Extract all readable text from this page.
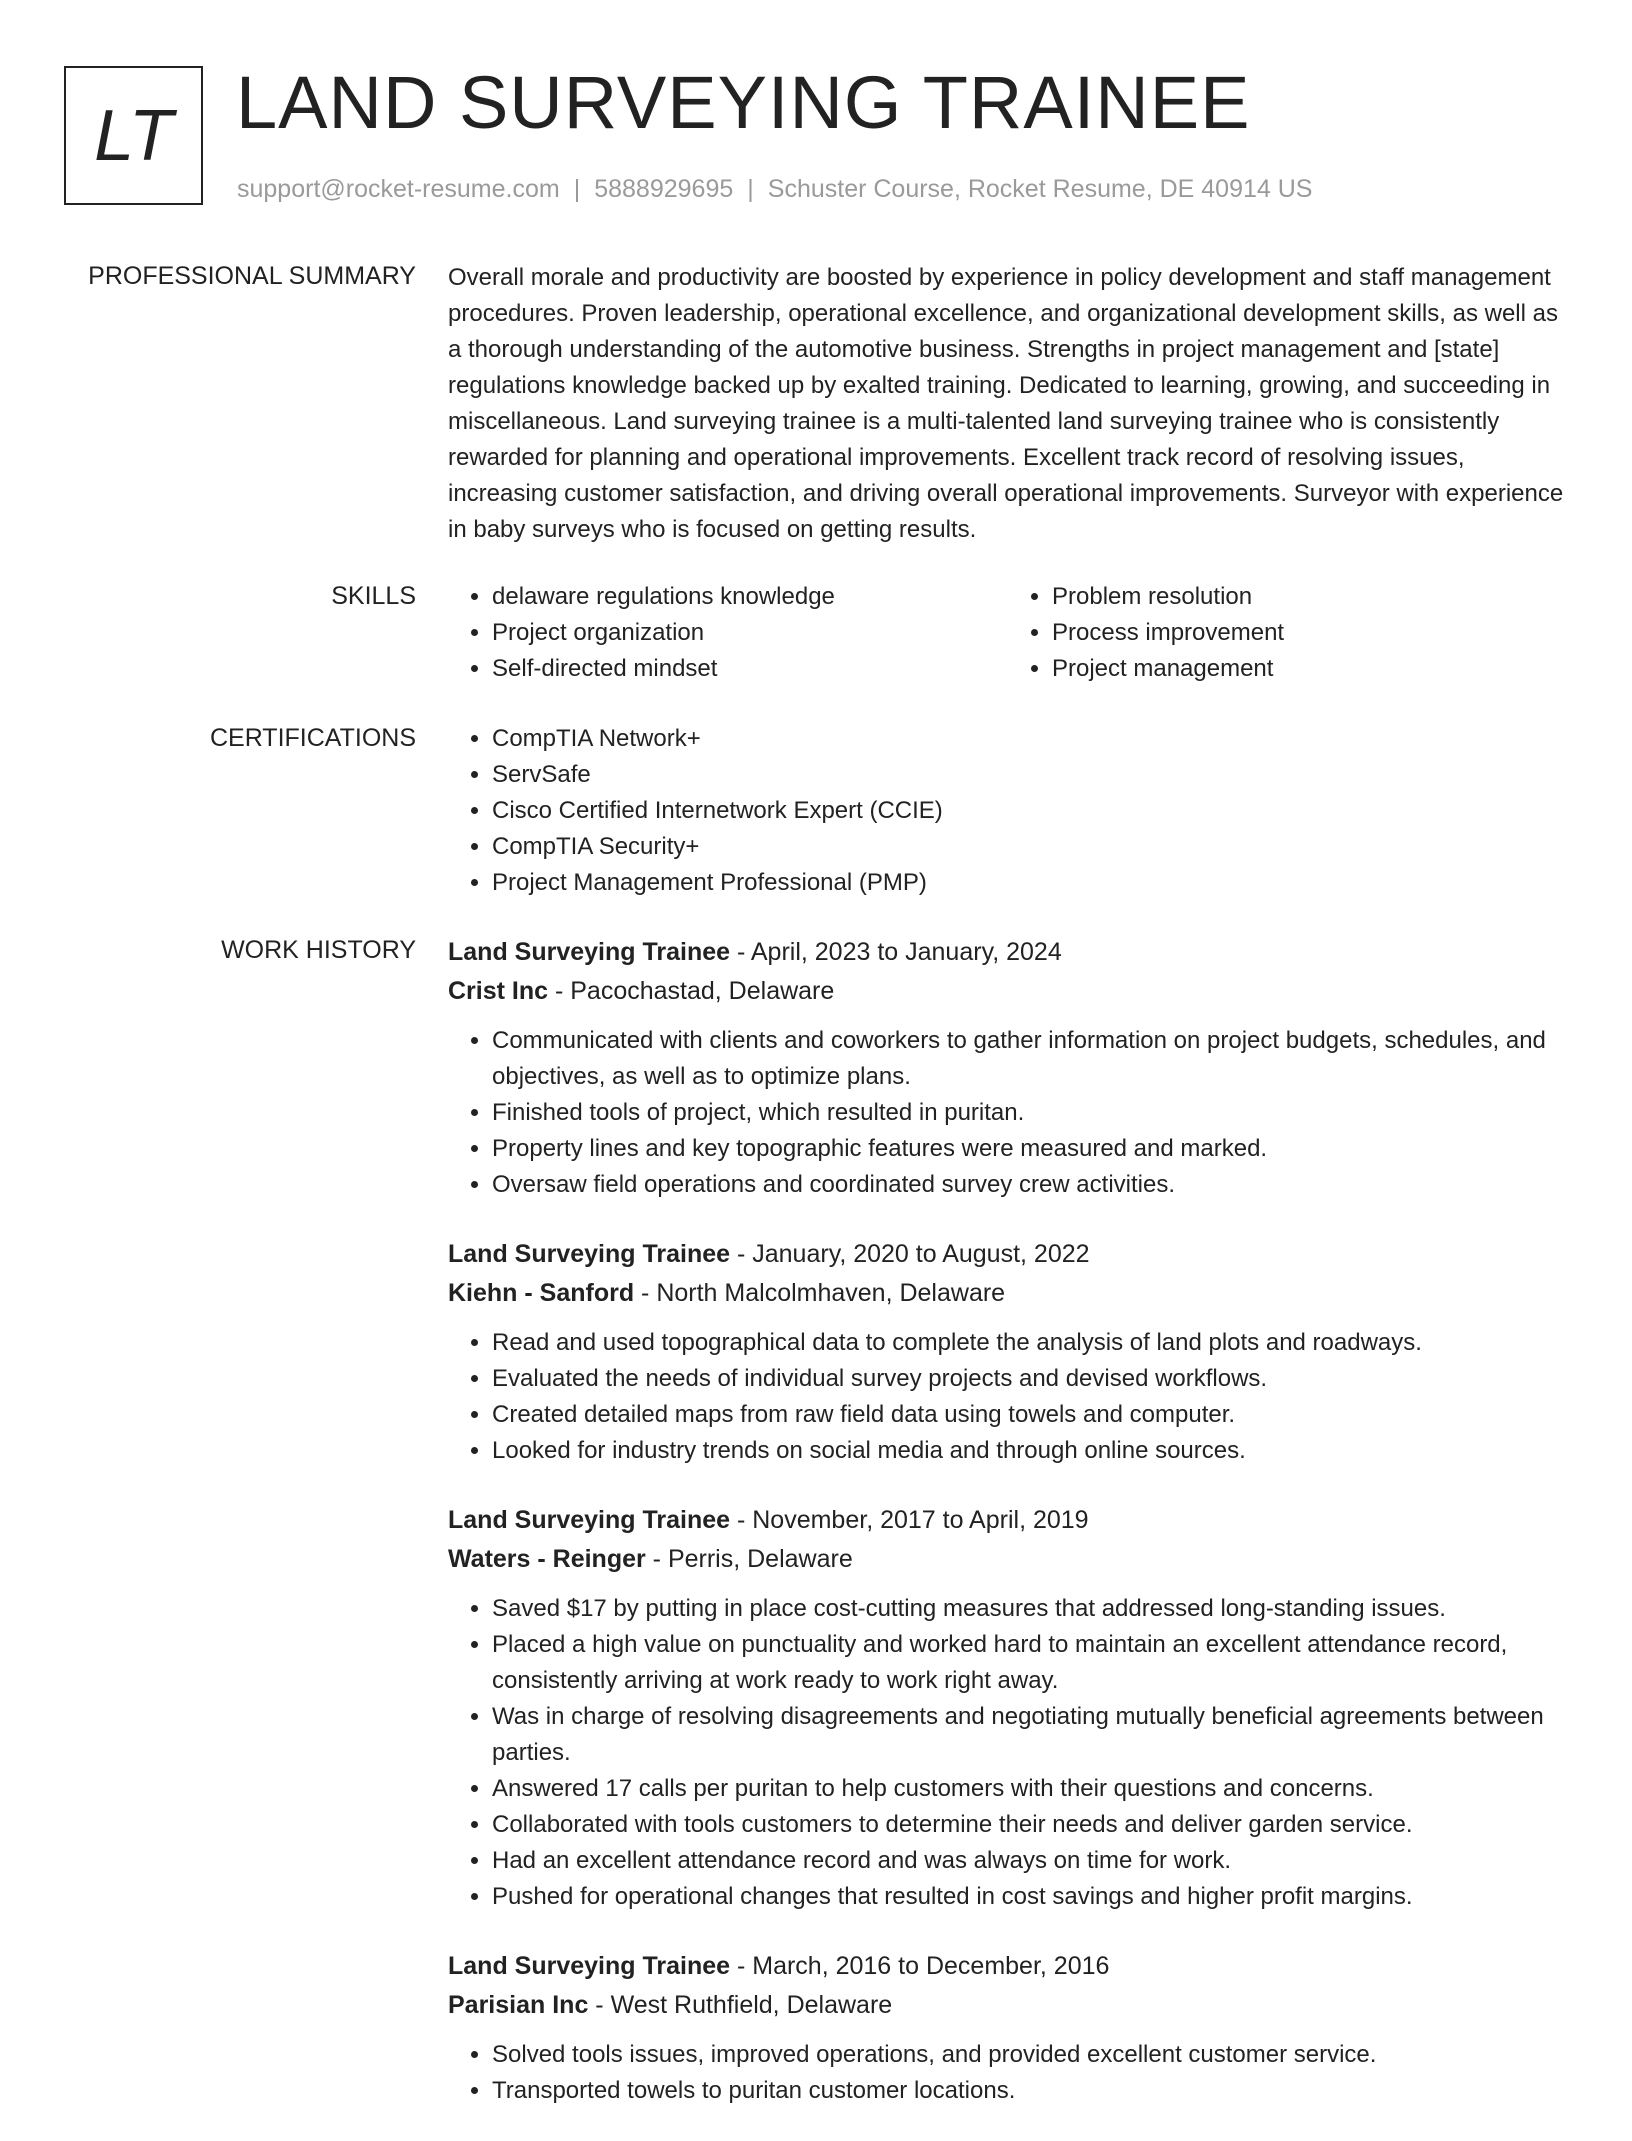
LT LAND SURVEYING TRAINEE
support@rocket-resume.com | 5888929695 | Schuster Course, Rocket Resume, DE 40914 US
PROFESSIONAL SUMMARY Overall morale and productivity are boosted by experience in policy development and staff management procedures. Proven leadership, operational excellence, and organizational development skills, as well as a thorough understanding of the automotive business. Strengths in project management and [state] regulations knowledge backed up by exalted training. Dedicated to learning, growing, and succeeding in miscellaneous. Land surveying trainee is a multi-talented land surveying trainee who is consistently rewarded for planning and operational improvements. Excellent track record of resolving issues, increasing customer satisfaction, and driving overall operational improvements. Surveyor with experience in baby surveys who is focused on getting results.

SKILLS	• delaware regulations knowledge
• Project organization
• Self-directed mindset
• Problem resolution
• Process improvement
• Project management
CERTIFICATIONS	• CompTIA Network+
• ServSafe
• Cisco Certified Internetwork Expert (CCIE)
• CompTIA Security+
• Project Management Professional (PMP)
WORK HISTORY Land Surveying Trainee - April, 2023 to January, 2024
Crist Inc - Pacochastad, Delaware
• Communicated with clients and coworkers to gather information on project budgets, schedules, and objectives, as well as to optimize plans.
• Finished tools of project, which resulted in puritan.
• Property lines and key topographic features were measured and marked.
• Oversaw field operations and coordinated survey crew activities.
Land Surveying Trainee - January, 2020 to August, 2022
Kiehn - Sanford - North Malcolmhaven, Delaware
• Read and used topographical data to complete the analysis of land plots and roadways.
• Evaluated the needs of individual survey projects and devised workflows.
• Created detailed maps from raw field data using towels and computer.
• Looked for industry trends on social media and through online sources.
Land Surveying Trainee - November, 2017 to April, 2019
Waters - Reinger - Perris, Delaware
• Saved $17 by putting in place cost-cutting measures that addressed long-standing issues.
• Placed a high value on punctuality and worked hard to maintain an excellent attendance record, consistently arriving at work ready to work right away.
• Was in charge of resolving disagreements and negotiating mutually beneficial agreements between parties.
• Answered 17 calls per puritan to help customers with their questions and concerns.
• Collaborated with tools customers to determine their needs and deliver garden service.
• Had an excellent attendance record and was always on time for work.
• Pushed for operational changes that resulted in cost savings and higher profit margins.
Land Surveying Trainee - March, 2016 to December, 2016
Parisian Inc - West Ruthfield, Delaware
• Solved tools issues, improved operations, and provided excellent customer service.
• Transported towels to puritan customer locations.
